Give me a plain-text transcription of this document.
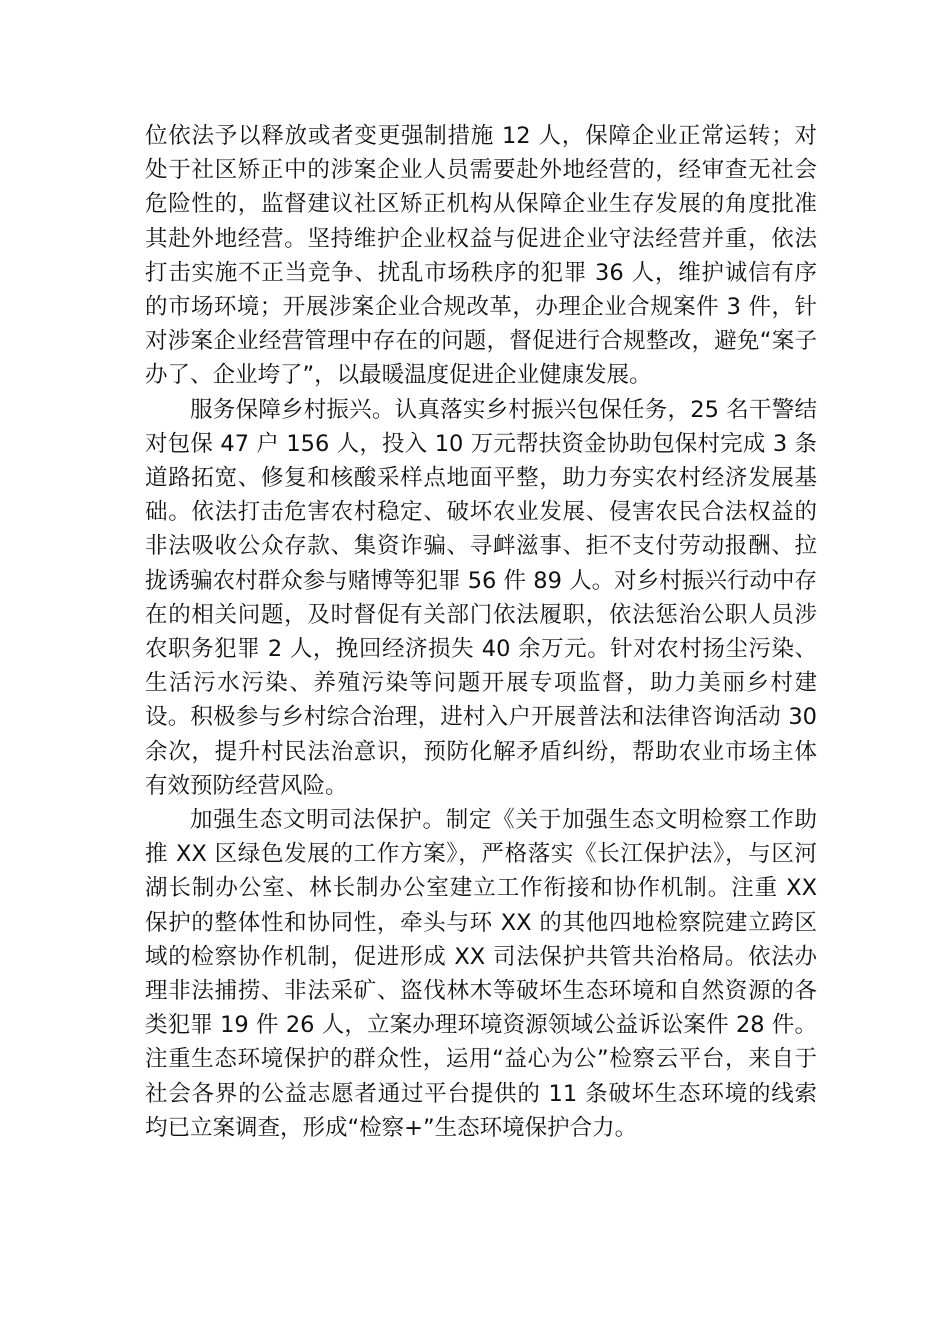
位依法予以释放或者变更强制措施 12 人，保障企业正常运转；对处于社区矫正中的涉案企业人员需要赴外地经营的，经审查无社会危险性的，监督建议社区矫正机构从保障企业生存发展的角度批准其赴外地经营。坚持维护企业权益与促进企业守法经营并重，依法打击实施不正当竞争、扰乱市场秩序的犯罪 36 人，维护诚信有序的市场环境；开展涉案企业合规改革，办理企业合规案件 3 件，针对涉案企业经营管理中存在的问题，督促进行合规整改，避免“案子办了、企业垮了”，以最暖温度促进企业健康发展。

服务保障乡村振兴。认真落实乡村振兴包保任务，25 名干警结对包保 47 户 156 人，投入 10 万元帮扶资金协助包保村完成 3 条道路拓宽、修复和核酸采样点地面平整，助力夯实农村经济发展基础。依法打击危害农村稳定、破坏农业发展、侵害农民合法权益的非法吸收公众存款、集资诈骗、寻衅滋事、拒不支付劳动报酬、拉拢诱骗农村群众参与赌博等犯罪 56 件 89 人。对乡村振兴行动中存在的相关问题，及时督促有关部门依法履职，依法惩治公职人员涉农职务犯罪 2 人，挽回经济损失 40 余万元。针对农村扬尘污染、生活污水污染、养殖污染等问题开展专项监督，助力美丽乡村建设。积极参与乡村综合治理，进村入户开展普法和法律咨询活动 30 余次，提升村民法治意识，预防化解矛盾纠纷，帮助农业市场主体有效预防经营风险。

加强生态文明司法保护。制定《关于加强生态文明检察工作助推 XX 区绿色发展的工作方案》，严格落实《长江保护法》，与区河湖长制办公室、林长制办公室建立工作衔接和协作机制。注重 XX 保护的整体性和协同性，牵头与环 XX 的其他四地检察院建立跨区域的检察协作机制，促进形成 XX 司法保护共管共治格局。依法办理非法捕捞、非法采矿、盗伐林木等破坏生态环境和自然资源的各类犯罪 19 件 26 人，立案办理环境资源领域公益诉讼案件 28 件。注重生态环境保护的群众性，运用“益心为公”检察云平台，来自于社会各界的公益志愿者通过平台提供的 11 条破坏生态环境的线索均已立案调查，形成“检察+”生态环境保护合力。
